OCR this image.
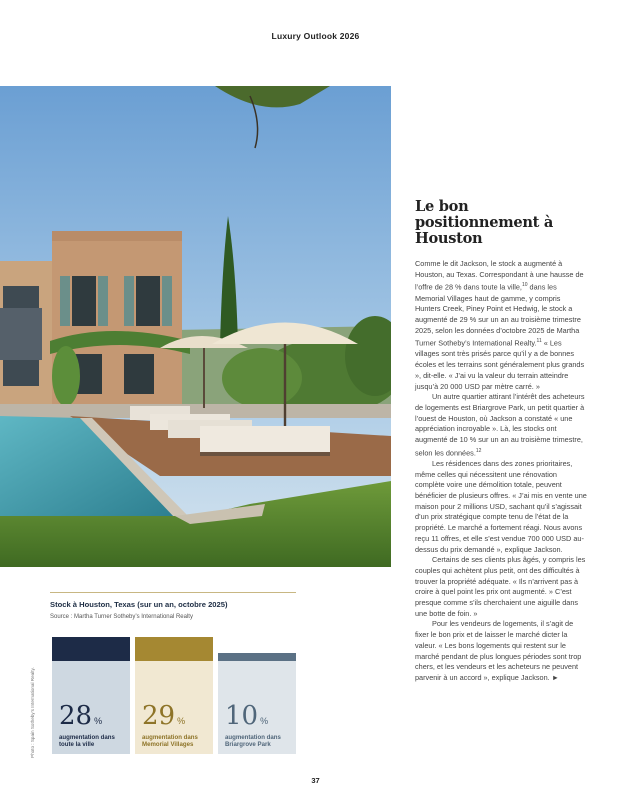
Luxury Outlook 2026
Le bon positionnement à Houston

Comme le dit Jackson, le stock a augmenté à Houston, au Texas. Correspondant à une hausse de l’offre de 28 % dans toute la ville,$^{10}$ dans les Memorial Villages haut de gamme, y compris Hunters Creek, Piney Point et Hedwig, le stock a augmenté de 29 % sur un an au troisième trimestre 2025, selon les données d’octobre 2025 de Martha Turner Sotheby’s International Realty.$^{11}$ « Les villages sont très prisés parce qu’il y a de bonnes écoles et les terrains sont généralement plus grands », dit-elle. « J’ai vu la valeur du terrain atteindre jusqu’à 20 000 USD par mètre carré. »

Un autre quartier attirant l’intérêt des acheteurs de logements est Briargrove Park, un petit quartier à l’ouest de Houston, où Jackson a constaté « une appréciation incroyable ». Là, les stocks ont augmenté de 10 % sur un an au troisième trimestre, selon les données.$^{12}$

Les résidences dans des zones prioritaires, même celles qui nécessitent une rénovation complète voire une démolition totale, peuvent bénéficier de plusieurs offres. « J’ai mis en vente une maison pour 2 millions USD, sachant qu’il s’agissait d’un prix stratégique compte tenu de l’état de la propriété. Le marché a fortement réagi. Nous avons reçu 11 offres, et elle s’est vendue 700 000 USD au-dessus du prix demandé », explique Jackson.

Certains de ses clients plus âgés, y compris les couples qui achètent plus petit, ont des difficultés à trouver la propriété adéquate. « Ils n’arrivent pas à croire à quel point les prix ont augmenté. » C’est presque comme s’ils cherchaient une aiguille dans une botte de foin. »

Pour les vendeurs de logements, il s’agit de fixer le bon prix et de laisser le marché dicter la valeur. « Les bons logements qui restent sur le marché pendant de plus longues périodes sont trop chers, et les vendeurs et les acheteurs ne peuvent parvenir à un accord », explique Jackson. ►

Stock à Houston, Texas (sur un an, octobre 2025)

Source : Martha Turner Sotheby’s International Realty

28 %
augmentation dans
toute la ville
29 %
augmentation dans
Memorial Villages
10 %
augmentation dans
Briargrove Park
Photo : Spain Sotheby’s International Realty.
37
